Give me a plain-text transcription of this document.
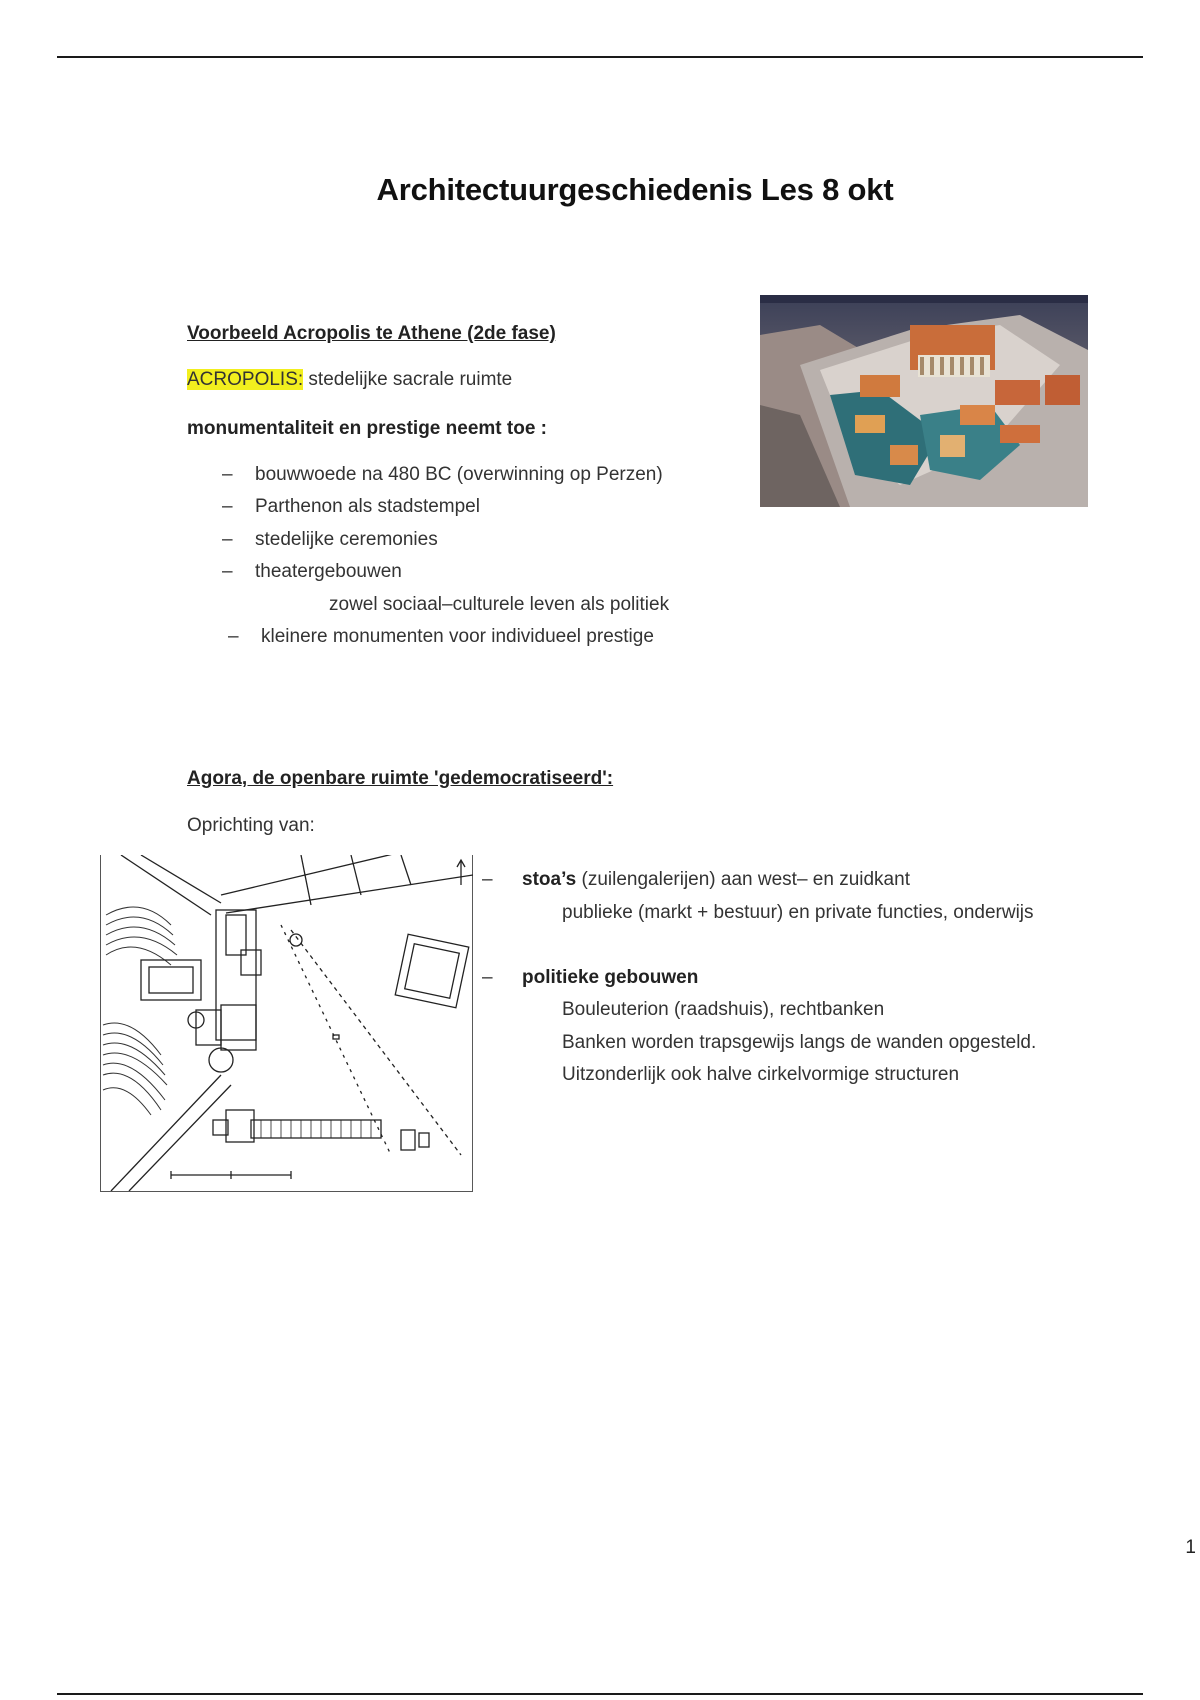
Architectuurgeschiedenis Les 8 okt
Voorbeeld Acropolis te Athene (2de fase)
ACROPOLIS: stedelijke sacrale ruimte
monumentaliteit en prestige neemt toe :
– bouwwoede na 480 BC (overwinning op Perzen)
– Parthenon als stadstempel
– stedelijke ceremonies
– theatergebouwen
zowel sociaal–culturele leven als politiek
– kleinere monumenten voor individueel prestige
Agora, de openbare ruimte 'gedemocratiseerd':
Oprichting van:
– stoa’s (zuilengalerijen) aan west– en zuidkant
publieke (markt + bestuur) en private functies, onderwijs
– politieke gebouwen
Bouleuterion (raadshuis), rechtbanken
Banken worden trapsgewijs langs de wanden opgesteld.
Uitzonderlijk ook halve cirkelvormige structuren
1
